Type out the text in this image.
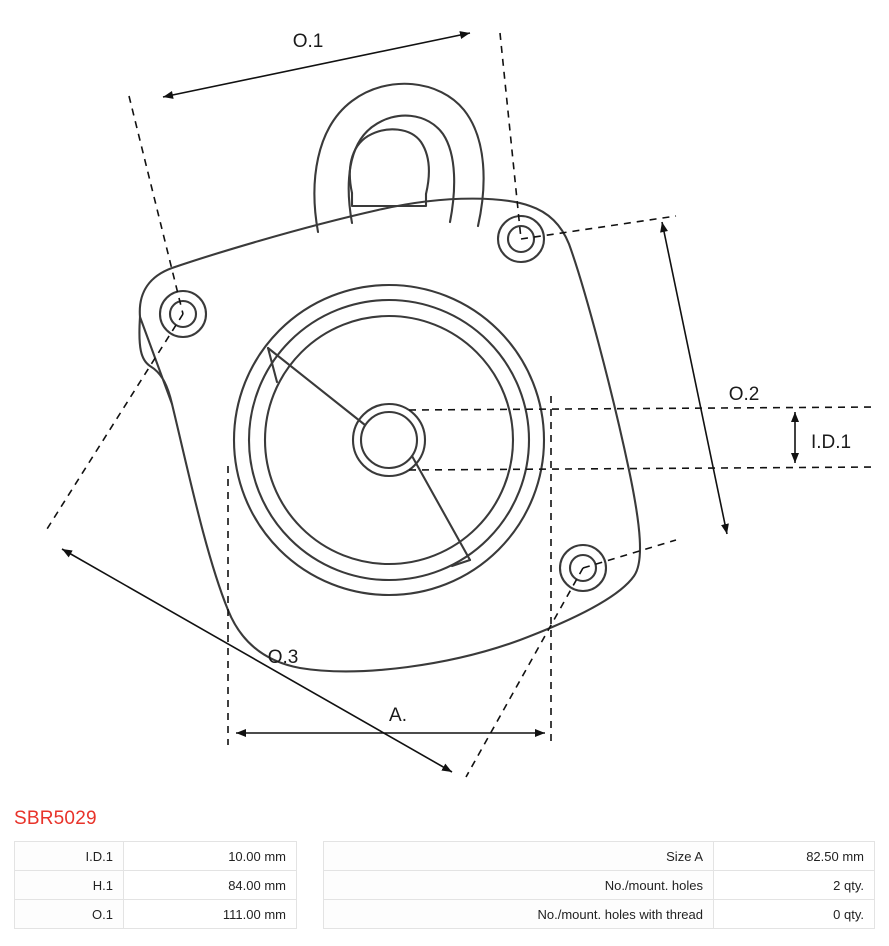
O.1
O.2
I.D.1
O.3
A.
SBR5029
I.D.1	10.00 mm		Size A	82.50 mm
H.1	84.00 mm		No./mount. holes	2 qty.
O.1	111.00 mm		No./mount. holes with thread	0 qty.
